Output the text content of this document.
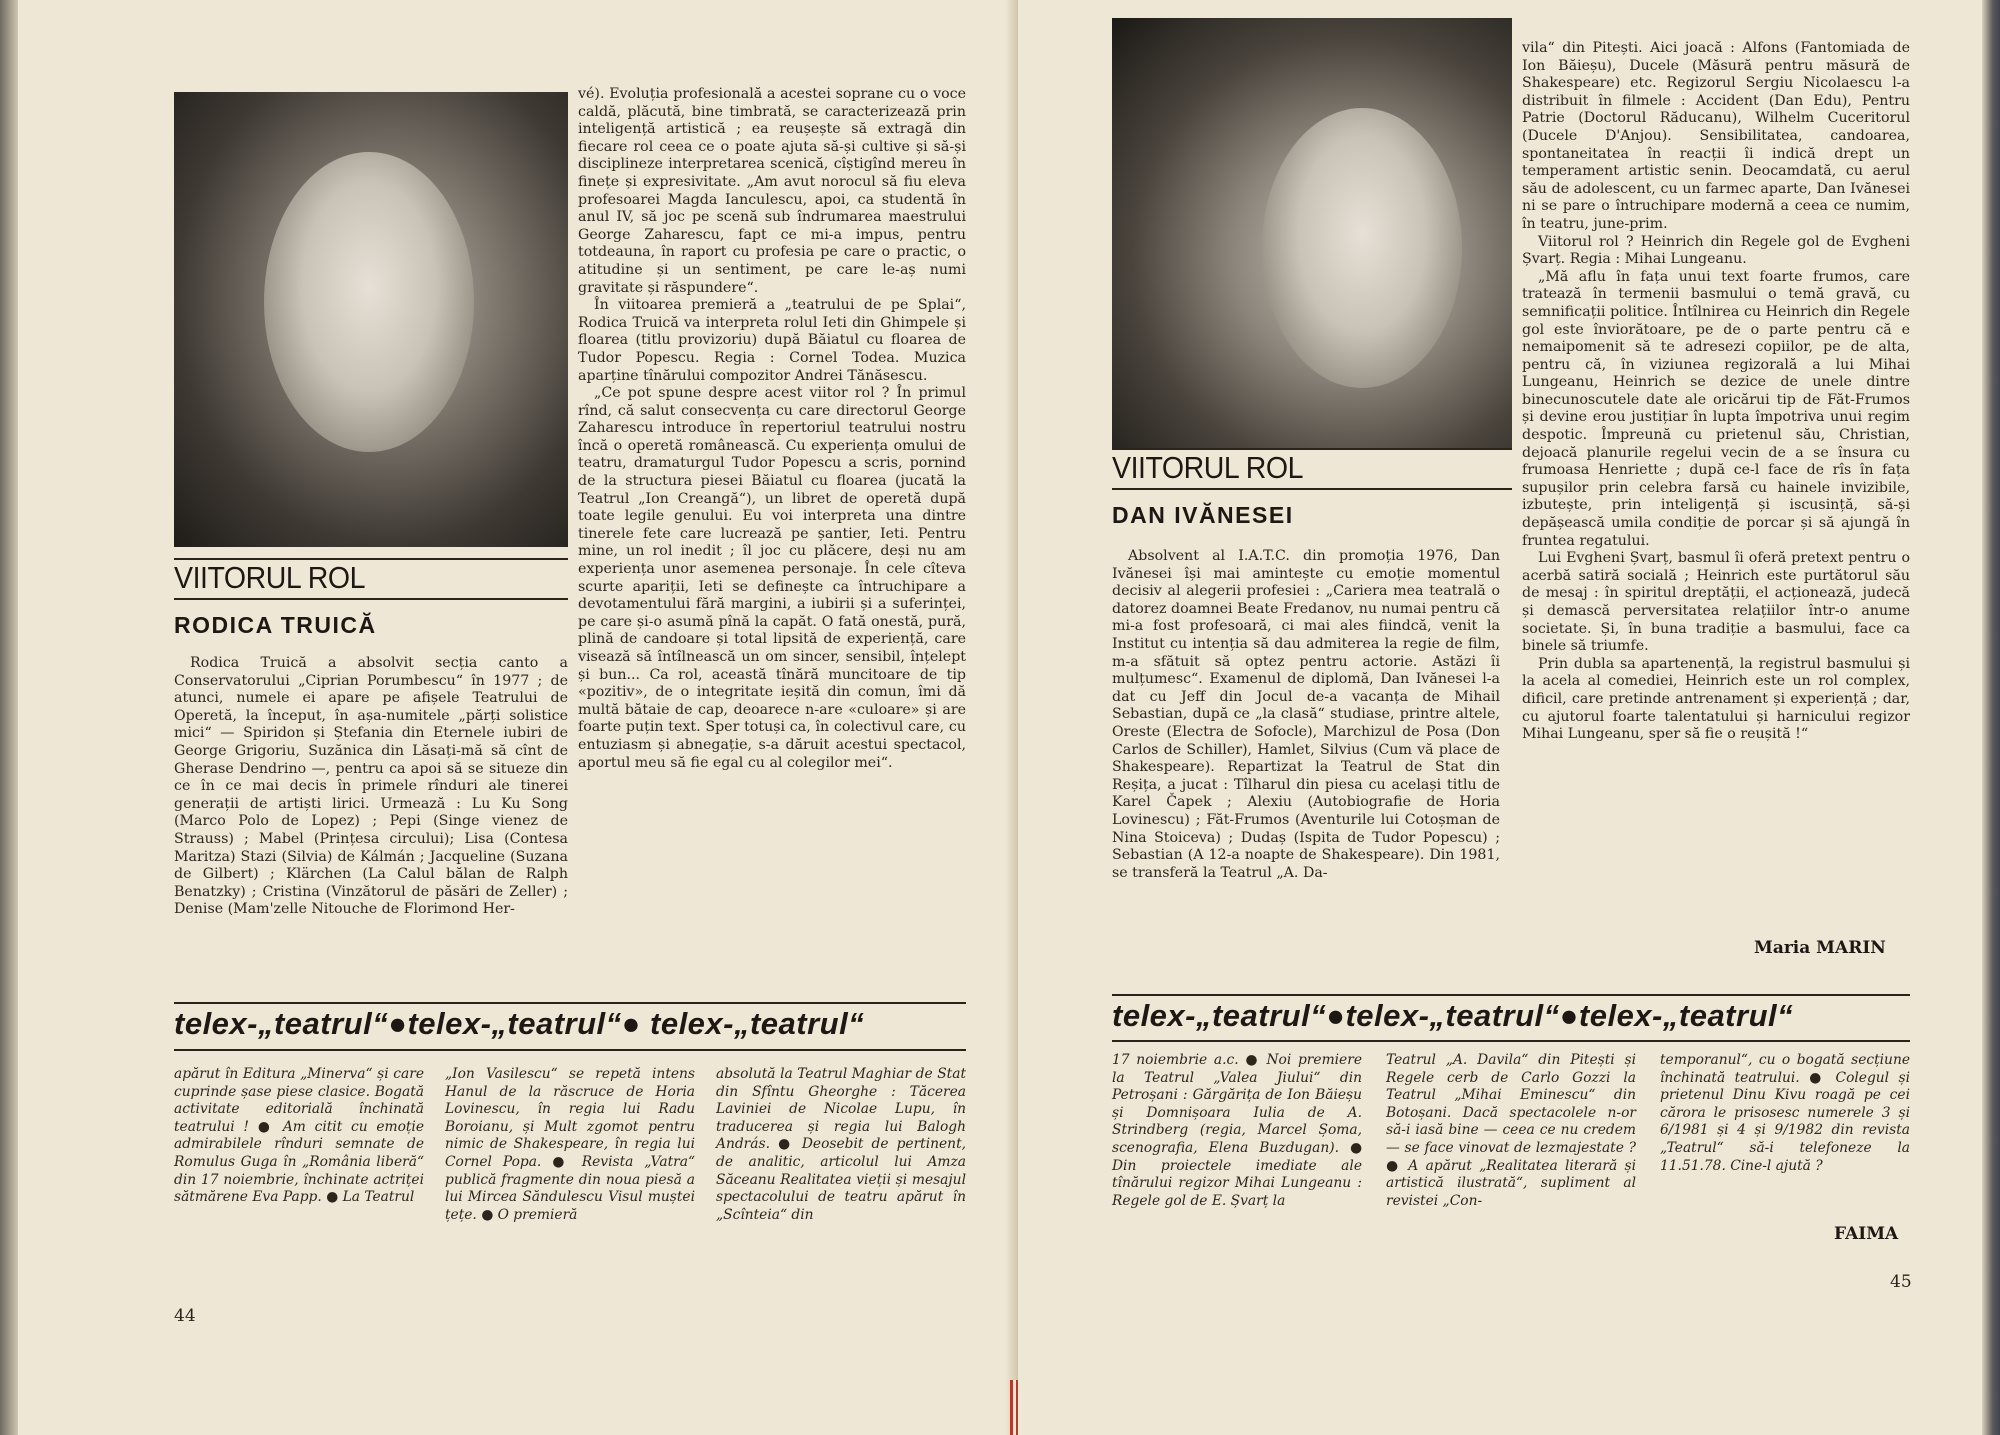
VIITORUL ROL
RODICA TRUICĂ

Rodica Truică a absolvit secția canto a Conservatorului „Ciprian Porumbescu“ în 1977 ; de atunci, numele ei apare pe afișele Teatrului de Operetă, la început, în așa-numitele „părți solistice mici“ — Spiridon și Ștefania din Eternele iubiri de George Grigoriu, Suzănica din Lăsați-mă să cînt de Gherase Dendrino —, pentru ca apoi să se situeze din ce în ce mai decis în primele rînduri ale tinerei generații de artiști lirici. Urmează : Lu Ku Song (Marco Polo de Lopez) ; Pepi (Singe vienez de Strauss) ; Mabel (Prințesa circului); Lisa (Contesa Maritza) Stazi (Silvia) de Kálmán ; Jacqueline (Suzana de Gilbert) ; Klärchen (La Calul bălan de Ralph Benatzky) ; Cristina (Vinzătorul de păsări de Zeller) ; Denise (Mam'zelle Nitouche de Florimond Her-

vé). Evoluția profesională a acestei soprane cu o voce caldă, plăcută, bine timbrată, se caracterizează prin inteligență artistică ; ea reușește să extragă din fiecare rol ceea ce o poate ajuta să-și cultive și să-și disciplineze interpretarea scenică, cîștigînd mereu în finețe și expresivitate. „Am avut norocul să fiu eleva profesoarei Magda Ianculescu, apoi, ca studentă în anul IV, să joc pe scenă sub îndrumarea maestrului George Zaharescu, fapt ce mi-a impus, pentru totdeauna, în raport cu profesia pe care o practic, o atitudine și un sentiment, pe care le-aș numi gravitate și răspundere“.

În viitoarea premieră a „teatrului de pe Splai“, Rodica Truică va interpreta rolul Ieti din Ghimpele și floarea (titlu provizoriu) după Băiatul cu floarea de Tudor Popescu. Regia : Cornel Todea. Muzica aparține tînărului compozitor Andrei Tănăsescu.

„Ce pot spune despre acest viitor rol ? În primul rînd, că salut consecvența cu care directorul George Zaharescu introduce în repertoriul teatrului nostru încă o operetă românească. Cu experiența omului de teatru, dramaturgul Tudor Popescu a scris, pornind de la structura piesei Băiatul cu floarea (jucată la Teatrul „Ion Creangă“), un libret de operetă după toate legile genului. Eu voi interpreta una dintre tinerele fete care lucrează pe șantier, Ieti. Pentru mine, un rol inedit ; îl joc cu plăcere, deși nu am experiența unor asemenea personaje. În cele cîteva scurte apariții, Ieti se definește ca întruchipare a devotamentului fără margini, a iubirii și a suferinței, pe care și-o asumă pînă la capăt. O fată onestă, pură, plină de candoare și total lipsită de experiență, care visează să întîlnească un om sincer, sensibil, înțelept și bun... Ca rol, această tînără muncitoare de tip «pozitiv», de o integritate ieșită din comun, îmi dă multă bătaie de cap, deoarece n-are «culoare» și are foarte puțin text. Sper totuși ca, în colectivul care, cu entuziasm și abnegație, s-a dăruit acestui spectacol, aportul meu să fie egal cu al colegilor mei“.

telex-„teatrul“●telex-„teatrul“● telex-„teatrul“
apărut în Editura „Minerva“ și care cuprinde șase piese clasice. Bogată activitate editorială închinată teatrului ! ● Am citit cu emoție admirabilele rînduri semnate de Romulus Guga în „România liberă“ din 17 noiembrie, închinate actriței sătmărene Eva Papp. ● La Teatrul
„Ion Vasilescu“ se repetă intens Hanul de la răscruce de Horia Lovinescu, în regia lui Radu Boroianu, și Mult zgomot pentru nimic de Shakespeare, în regia lui Cornel Popa. ● Revista „Vatra“ publică fragmente din noua piesă a lui Mircea Săndulescu Visul muștei țețe. ● O premieră
absolută la Teatrul Maghiar de Stat din Sfîntu Gheorghe : Tăcerea Laviniei de Nicolae Lupu, în traducerea și regia lui Balogh András. ● Deosebit de pertinent, de analitic, articolul lui Amza Săceanu Realitatea vieții și mesajul spectacolului de teatru apărut în „Scînteia“ din
44
VIITORUL ROL
DAN IVĂNESEI

Absolvent al I.A.T.C. din promoția 1976, Dan Ivănesei își mai amintește cu emoție momentul decisiv al alegerii profesiei : „Cariera mea teatrală o datorez doamnei Beate Fredanov, nu numai pentru că mi-a fost profesoară, ci mai ales fiindcă, venit la Institut cu intenția să dau admiterea la regie de film, m-a sfătuit să optez pentru actorie. Astăzi îi mulțumesc“. Examenul de diplomă, Dan Ivănesei l-a dat cu Jeff din Jocul de-a vacanța de Mihail Sebastian, după ce „la clasă“ studiase, printre altele, Oreste (Electra de Sofocle), Marchizul de Posa (Don Carlos de Schiller), Hamlet, Silvius (Cum vă place de Shakespeare). Repartizat la Teatrul de Stat din Reșița, a jucat : Tîlharul din piesa cu același titlu de Karel Čapek ; Alexiu (Autobiografie de Horia Lovinescu) ; Făt-Frumos (Aventurile lui Cotoșman de Nina Stoiceva) ; Dudaș (Ispita de Tudor Popescu) ; Sebastian (A 12-a noapte de Shakespeare). Din 1981, se transferă la Teatrul „A. Da-

vila“ din Pitești. Aici joacă : Alfons (Fantomiada de Ion Băieșu), Ducele (Măsură pentru măsură de Shakespeare) etc. Regizorul Sergiu Nicolaescu l-a distribuit în filmele : Accident (Dan Edu), Pentru Patrie (Doctorul Răducanu), Wilhelm Cuceritorul (Ducele D'Anjou). Sensibilitatea, candoarea, spontaneitatea în reacții îi indică drept un temperament artistic senin. Deocamdată, cu aerul său de adolescent, cu un farmec aparte, Dan Ivănesei ni se pare o întruchipare modernă a ceea ce numim, în teatru, june-prim.

Viitorul rol ? Heinrich din Regele gol de Evgheni Șvarț. Regia : Mihai Lungeanu.

„Mă aflu în fața unui text foarte frumos, care tratează în termenii basmului o temă gravă, cu semnificații politice. Întîlnirea cu Heinrich din Regele gol este înviorătoare, pe de o parte pentru că e nemaipomenit să te adresezi copiilor, pe de alta, pentru că, în viziunea regizorală a lui Mihai Lungeanu, Heinrich se dezice de unele dintre binecunoscutele date ale oricărui tip de Făt-Frumos și devine erou justițiar în lupta împotriva unui regim despotic. Împreună cu prietenul său, Christian, dejoacă planurile regelui vecin de a se însura cu frumoasa Henriette ; după ce-l face de rîs în fața supușilor prin celebra farsă cu hainele invizibile, izbutește, prin inteligență și iscusință, să-și depășească umila condiție de porcar și să ajungă în fruntea regatului.

Lui Evgheni Șvarț, basmul îi oferă pretext pentru o acerbă satiră socială ; Heinrich este purtătorul său de mesaj : în spiritul dreptății, el acționează, judecă și demască perversitatea relațiilor într-o anume societate. Și, în buna tradiție a basmului, face ca binele să triumfe.

Prin dubla sa apartenență, la registrul basmului și la acela al comediei, Heinrich este un rol complex, dificil, care pretinde antrenament și experiență ; dar, cu ajutorul foarte talentatului și harnicului regizor Mihai Lungeanu, sper să fie o reușită !“

Maria MARIN
telex-„teatrul“●telex-„teatrul“●telex-„teatrul“
17 noiembrie a.c. ● Noi premiere la Teatrul „Valea Jiului“ din Petroșani : Gărgărița de Ion Băieșu și Domnișoara Iulia de A. Strindberg (regia, Marcel Șoma, scenografia, Elena Buzdugan). ● Din proiectele imediate ale tînărului regizor Mihai Lungeanu : Regele gol de E. Șvarț la
Teatrul „A. Davila“ din Pitești și Regele cerb de Carlo Gozzi la Teatrul „Mihai Eminescu“ din Botoșani. Dacă spectacolele n-or să-i iasă bine — ceea ce nu credem — se face vinovat de lezmajestate ? ● A apărut „Realitatea literară și artistică ilustrată“, supliment al revistei „Con-
temporanul“, cu o bogată secțiune închinată teatrului. ● Colegul și prietenul Dinu Kivu roagă pe cei cărora le prisosesc numerele 3 și 6/1981 și 4 și 9/1982 din revista „Teatrul“ să-i telefoneze la 11.51.78. Cine-l ajută ?
FAIMA
45
